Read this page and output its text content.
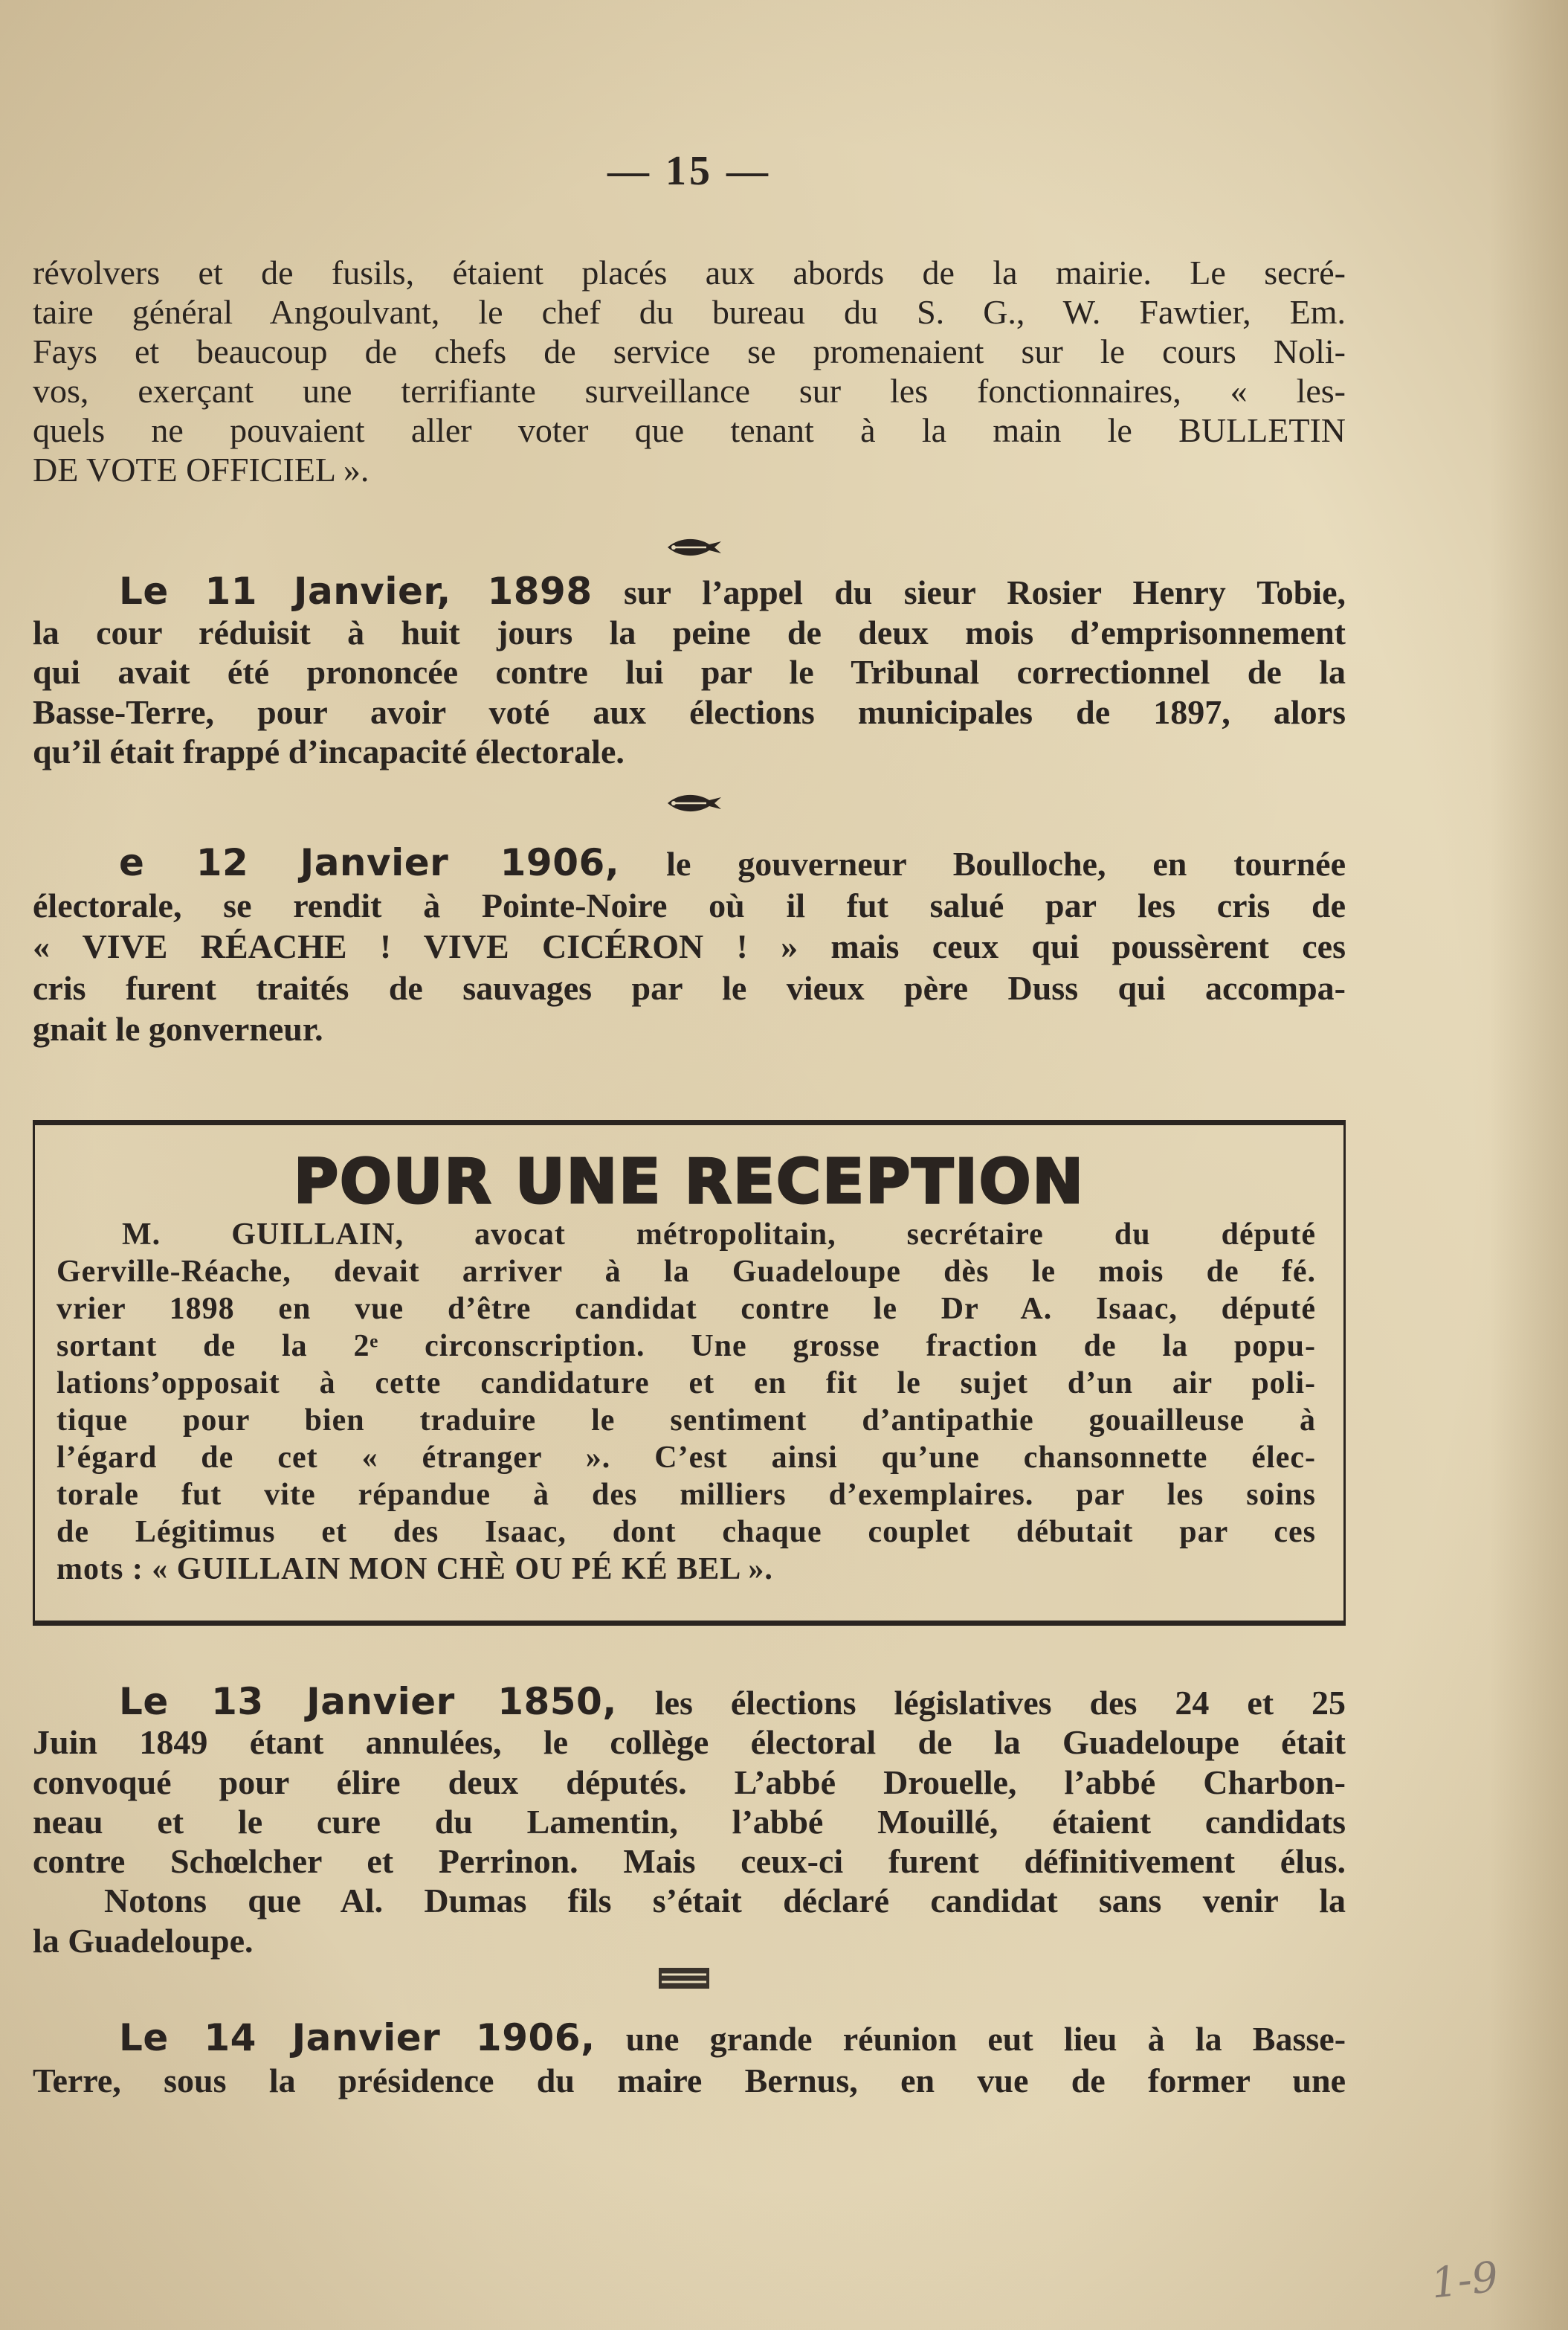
— 15 —
révolvers et de fusils, étaient placés aux abords de la mairie. Le secré-
taire général Angoulvant, le chef du bureau du S. G., W. Fawtier, Em.
Fays et beaucoup de chefs de service se promenaient sur le cours Noli-
vos, exerçant une terrifiante surveillance sur les fonctionnaires, « les-
quels ne pouvaient aller voter que tenant à la main le BULLETIN
DE VOTE OFFICIEL ».
Le 11 Janvier, 1898 sur l’appel du sieur Rosier Henry Tobie,
la cour réduisit à huit jours la peine de deux mois d’emprisonnement
qui avait été prononcée contre lui par le Tribunal correctionnel de la
Basse-Terre, pour avoir voté aux élections municipales de 1897, alors
qu’il était frappé d’incapacité électorale.
e 12 Janvier 1906, le gouverneur Boulloche, en tournée
électorale, se rendit à Pointe-Noire où il fut salué par les cris de
« VIVE RÉACHE ! VIVE CICÉRON ! » mais ceux qui poussèrent ces
cris furent traités de sauvages par le vieux père Duss qui accompa-
gnait le gonverneur.
POUR UNE RECEPTION
M. GUILLAIN, avocat métropolitain, secrétaire du député
Gerville-Réache, devait arriver à la Guadeloupe dès le mois de fé.
vrier 1898 en vue d’être candidat contre le Dr A. Isaac, député
sortant de la 2ᵉ circonscription. Une grosse fraction de la popu-
lations’opposait à cette candidature et en fit le sujet d’un air poli-
tique pour bien traduire le sentiment d’antipathie gouailleuse à
l’égard de cet « étranger ». C’est ainsi qu’une chansonnette élec-
torale fut vite répandue à des milliers d’exemplaires. par les soins
de Légitimus et des Isaac, dont chaque couplet débutait par ces
mots : « GUILLAIN MON CHÈ OU PÉ KÉ BEL ».
Le 13 Janvier 1850, les élections législatives des 24 et 25
Juin 1849 étant annulées, le collège électoral de la Guadeloupe était
convoqué pour élire deux députés. L’abbé Drouelle, l’abbé Charbon-
neau et le cure du Lamentin, l’abbé Mouillé, étaient candidats
contre Schœlcher et Perrinon. Mais ceux-ci furent définitivement élus.
Notons que Al. Dumas fils s’était déclaré candidat sans venir la
la Guadeloupe.
Le 14 Janvier 1906, une grande réunion eut lieu à la Basse-
Terre, sous la présidence du maire Bernus, en vue de former une
1-9
